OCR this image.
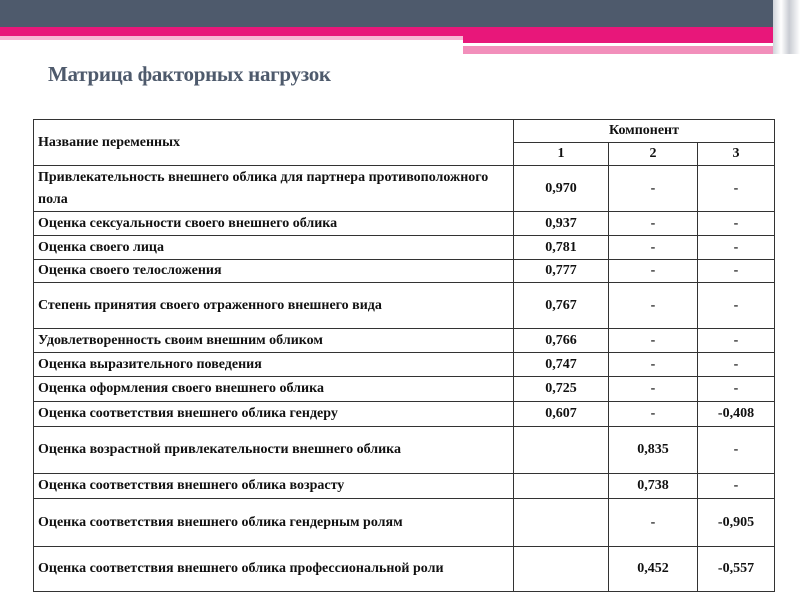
Матрица факторных нагрузок
Название переменных	Компонент		
	1	2	3
Привлекательность внешнего облика для партнера противоположного пола	0,970	-	-
Оценка сексуальности своего внешнего облика	0,937	-	-
Оценка своего лица	0,781	-	-
Оценка своего телосложения	0,777	-	-
Степень принятия своего отраженного внешнего вида	0,767	-	-
Удовлетворенность своим внешним обликом	0,766	-	-
Оценка выразительного поведения	0,747	-	-
Оценка оформления своего внешнего облика	0,725	-	-
Оценка соответствия внешнего облика гендеру	0,607	-	-0,408
Оценка возрастной привлекательности внешнего облика		0,835	-
Оценка соответствия внешнего облика возрасту		0,738	-
Оценка соответствия внешнего облика гендерным ролям		-	-0,905
Оценка соответствия внешнего облика профессиональной роли		0,452	-0,557
